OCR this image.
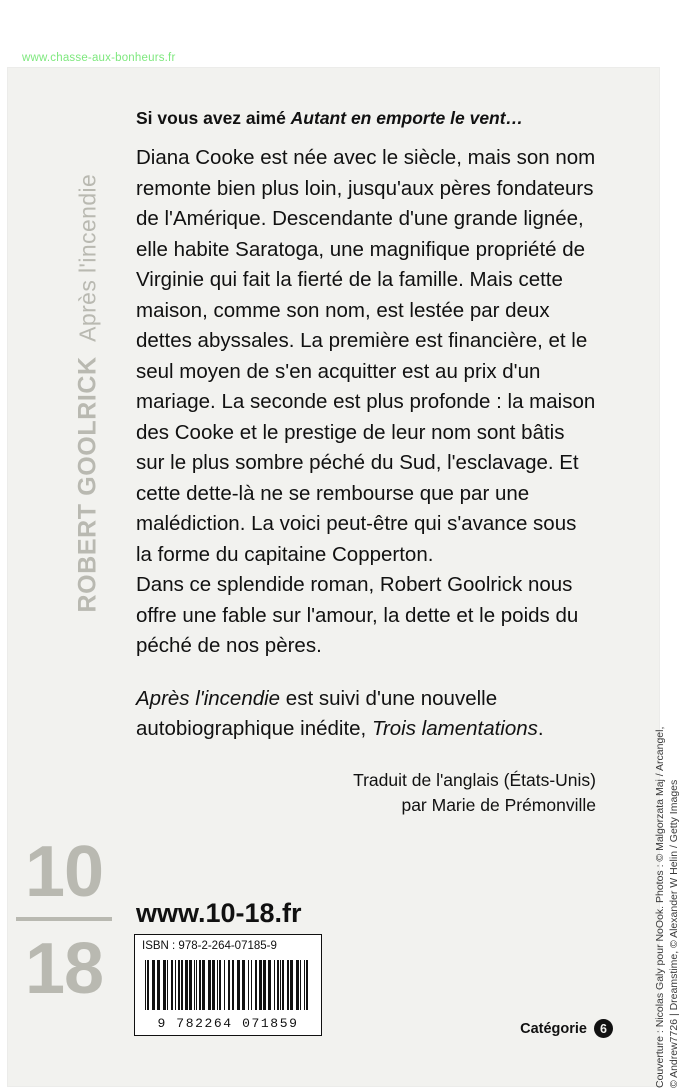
www.chasse-aux-bonheurs.fr
ROBERT GOOLRICK Après l'incendie
Couverture : Nicolas Galy pour NoOok. Photos : © Malgorzata Maj / Arcangel, © Andrew7726 | Dreamstime, © Alexander W Helin / Getty Images
Si vous avez aimé Autant en emporte le vent…

Diana Cooke est née avec le siècle, mais son nom remonte bien plus loin, jusqu'aux pères fondateurs de l'Amérique. Descendante d'une grande lignée, elle habite Saratoga, une magnifique propriété de Virginie qui fait la fierté de la famille. Mais cette maison, comme son nom, est lestée par deux dettes abyssales. La première est financière, et le seul moyen de s'en acquitter est au prix d'un mariage. La seconde est plus profonde : la maison des Cooke et le prestige de leur nom sont bâtis sur le plus sombre péché du Sud, l'esclavage. Et cette dette-là ne se rembourse que par une malédiction. La voici peut-être qui s'avance sous la forme du capitaine Copperton.

Dans ce splendide roman, Robert Goolrick nous offre une fable sur l'amour, la dette et le poids du péché de nos pères.

Après l'incendie est suivi d'une nouvelle autobiographique inédite, Trois lamentations.
Traduit de l'anglais (États-Unis)
par Marie de Prémonville
10
18
www.10-18.fr
ISBN : 978-2-264-07185-9
9 782264 071859	Catégorie	6
